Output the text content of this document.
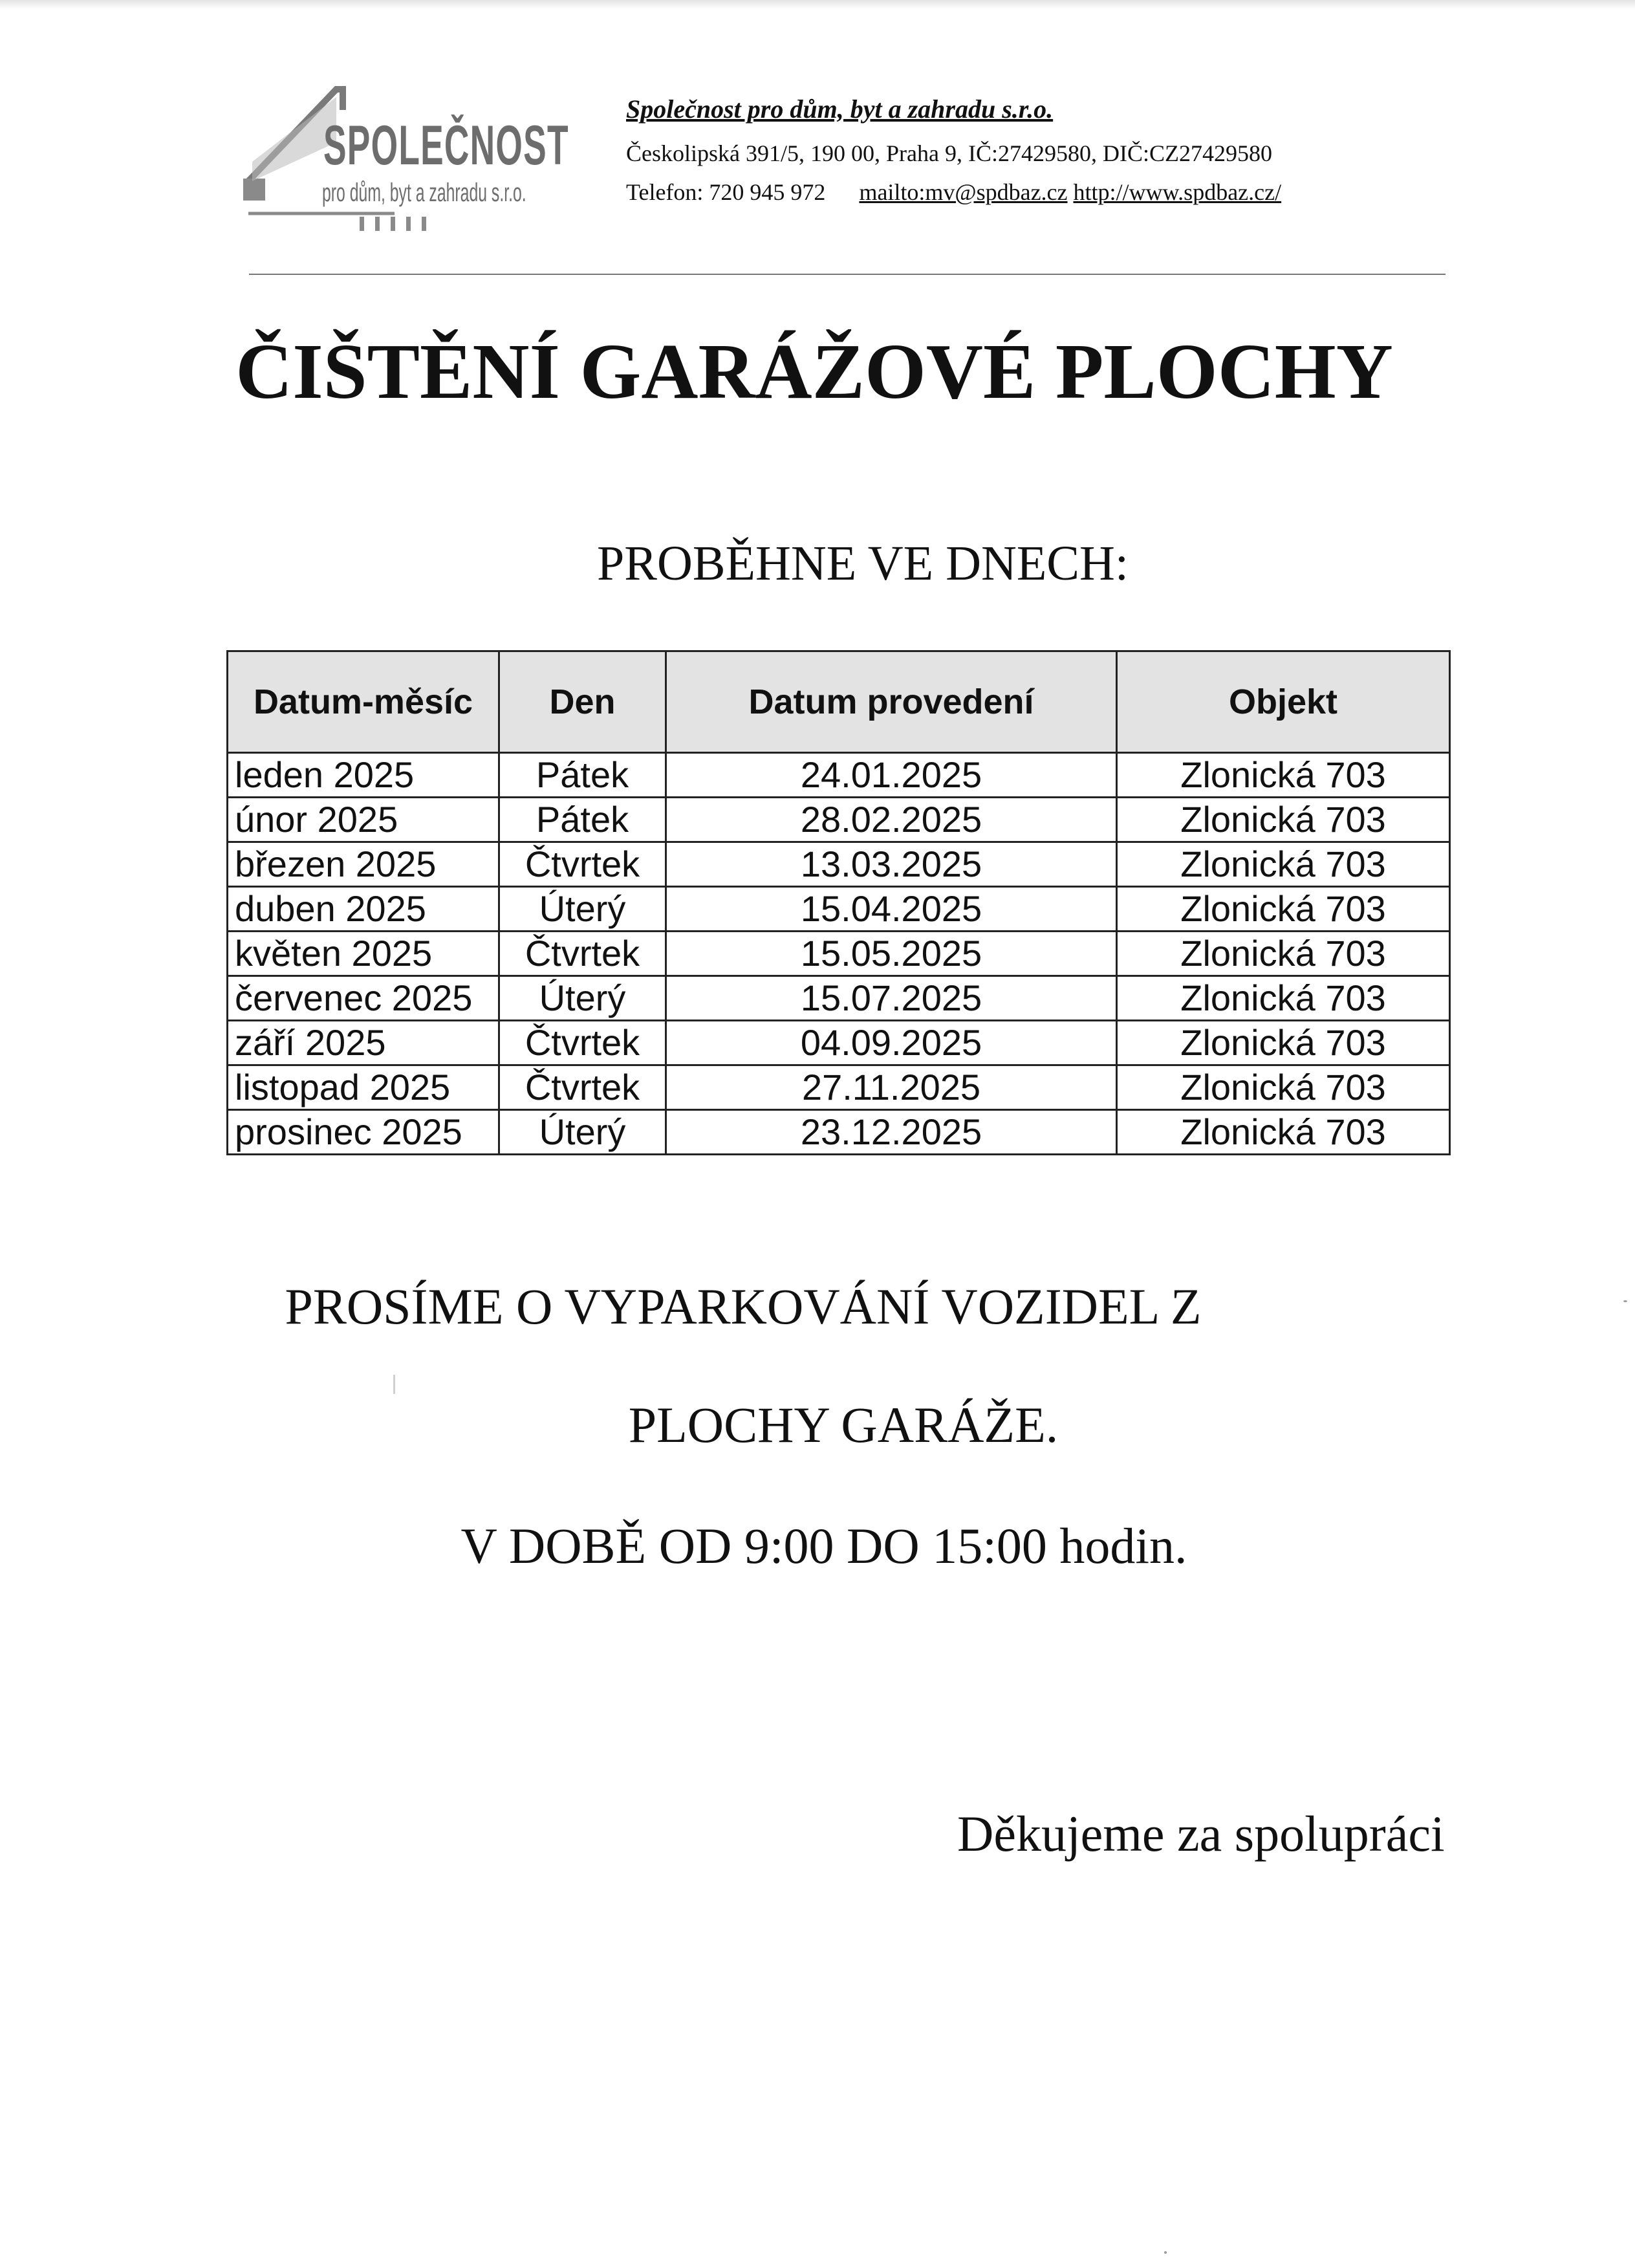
SPOLEČNOST
pro dům, byt a zahradu s.r.o.
Společnost pro dům, byt a zahradu s.r.o.
Českolipská 391/5, 190 00, Praha 9, IČ:27429580, DIČ:CZ27429580
Telefon: 720 945 972 mailto:mv@spdbaz.cz http://www.spdbaz.cz/
ČIŠTĚNÍ GARÁŽOVÉ PLOCHY
PROBĚHNE VE DNECH:
Datum-měsíc	Den	Datum provedení	Objekt
leden 2025	Pátek	24.01.2025	Zlonická 703
únor 2025	Pátek	28.02.2025	Zlonická 703
březen 2025	Čtvrtek	13.03.2025	Zlonická 703
duben 2025	Úterý	15.04.2025	Zlonická 703
květen 2025	Čtvrtek	15.05.2025	Zlonická 703
červenec 2025	Úterý	15.07.2025	Zlonická 703
září 2025	Čtvrtek	04.09.2025	Zlonická 703
listopad 2025	Čtvrtek	27.11.2025	Zlonická 703
prosinec 2025	Úterý	23.12.2025	Zlonická 703
PROSÍME O VYPARKOVÁNÍ VOZIDEL Z
PLOCHY GARÁŽE.
V DOBĚ OD 9:00 DO 15:00 hodin.
Děkujeme za spolupráci
